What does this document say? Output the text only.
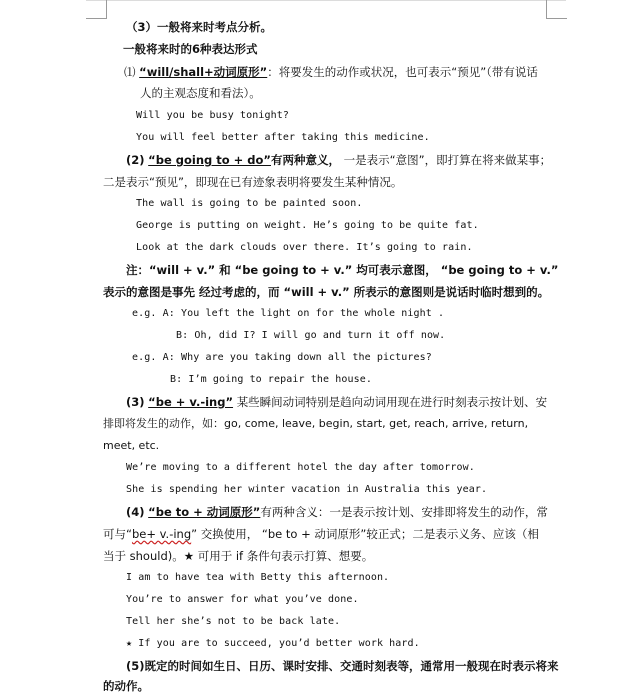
（3）一般将来时考点分析。
一般将来时的6种表达形式
⑴ “will/shall+动词原形”：将要发生的动作或状况，也可表示“预见”（带有说话
人的主观态度和看法）。
Will you be busy tonight?
You will feel better after taking this medicine.
(2) “be going to + do”有两种意义， 一是表示“意图”，即打算在将来做某事；
二是表示“预见”，即现在已有迹象表明将要发生某种情况。
The wall is going to be painted soon.
George is putting on weight. He’s going to be quite fat.
Look at the dark clouds over there. It’s going to rain.
注：“will + v.” 和 “be going to + v.” 均可表示意图， “be going to + v.”
表示的意图是事先 经过考虑的，而 “will + v.” 所表示的意图则是说话时临时想到的。
e.g. A: You left the light on for the whole night .
B: Oh, did I? I will go and turn it off now.
e.g. A: Why are you taking down all the pictures?
B: I’m going to repair the house.
(3) “be + v.-ing” 某些瞬间动词特别是趋向动词用现在进行时刻表示按计划、安
排即将发生的动作，如：go, come, leave, begin, start, get, reach, arrive, return,
meet, etc.
We’re moving to a different hotel the day after tomorrow.
She is spending her winter vacation in Australia this year.
(4) “be to + 动词原形”有两种含义：一是表示按计划、安排即将发生的动作，常
可与“be+ v.-ing” 交换使用， “be to + 动词原形”较正式；二是表示义务、应该（相
当于 should)。★ 可用于 if 条件句表示打算、想要。
I am to have tea with Betty this afternoon.
You’re to answer for what you’ve done.
Tell her she’s not to be back late.
★ If you are to succeed, you’d better work hard.
(5)既定的时间如生日、日历、课时安排、交通时刻表等，通常用一般现在时表示将来
的动作。
